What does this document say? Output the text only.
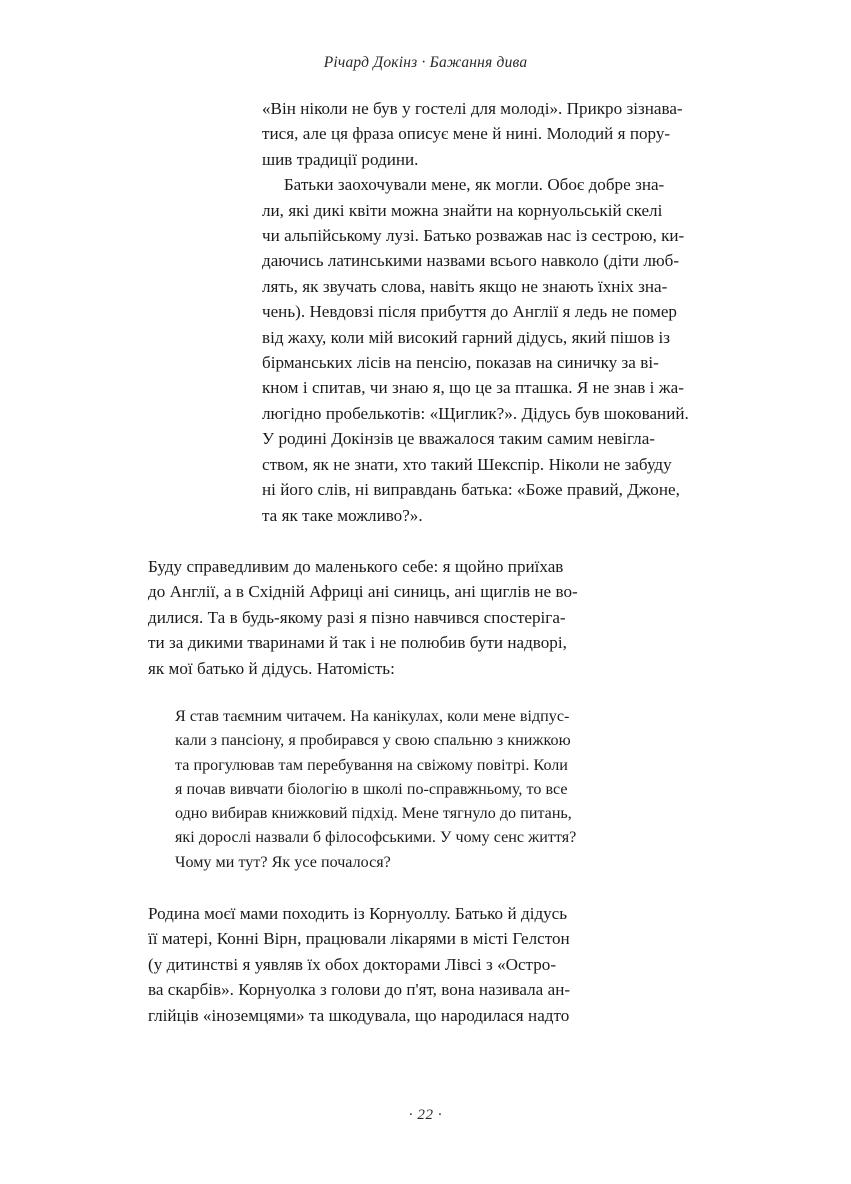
Річард Докінз · Бажання дива
«Він ніколи не був у гостелі для молоді». Прикро зізнава-
тися, але ця фраза описує мене й нині. Молодий я пору-
шив традиції родини.
Батьки заохочували мене, як могли. Обоє добре зна-
ли, які дикі квіти можна знайти на корнуольській скелі
чи альпійському лузі. Батько розважав нас із сестрою, ки-
даючись латинськими назвами всього навколо (діти люб-
лять, як звучать слова, навіть якщо не знають їхніх зна-
чень). Невдовзі після прибуття до Англії я ледь не помер
від жаху, коли мій високий гарний дідусь, який пішов із
бірманських лісів на пенсію, показав на синичку за ві-
кном і спитав, чи знаю я, що це за пташка. Я не знав і жа-
люгідно пробелькотів: «Щиглик?». Дідусь був шокований.
У родині Докінзів це вважалося таким самим невігла-
ством, як не знати, хто такий Шекспір. Ніколи не забуду
ні його слів, ні виправдань батька: «Боже правий, Джоне,
та як таке можливо?».
Буду справедливим до маленького себе: я щойно приїхав
до Англії, а в Східній Африці ані синиць, ані щиглів не во-
дилися. Та в будь-якому разі я пізно навчився спостеріга-
ти за дикими тваринами й так і не полюбив бути надворі,
як мої батько й дідусь. Натомість:
Я став таємним читачем. На канікулах, коли мене відпус-
кали з пансіону, я пробирався у свою спальню з книжкою
та прогулював там перебування на свіжому повітрі. Коли
я почав вивчати біологію в школі по-справжньому, то все
одно вибирав книжковий підхід. Мене тягнуло до питань,
які дорослі назвали б філософськими. У чому сенс життя?
Чому ми тут? Як усе почалося?
Родина моєї мами походить із Корнуоллу. Батько й дідусь
її матері, Конні Вірн, працювали лікарями в місті Гелстон
(у дитинстві я уявляв їх обох докторами Лівсі з «Остро-
ва скарбів». Корнуолка з голови до п'ят, вона називала ан-
глійців «іноземцями» та шкодувала, що народилася надто
· 22 ·
